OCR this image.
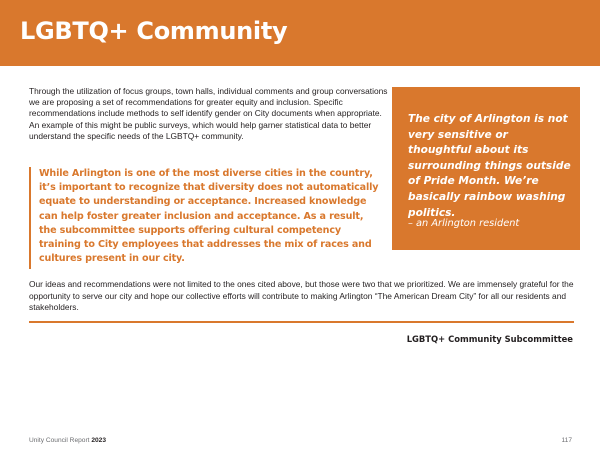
LGBTQ+ Community

Through the utilization of focus groups, town halls, individual comments and group conversations we are proposing a set of recommendations for greater equity and inclusion. Specific recommendations include methods to self identify gender on City documents when appropriate. An example of this might be public surveys, which would help garner statistical data to better understand the specific needs of the LGBTQ+ community.

While Arlington is one of the most diverse cities in the country, it’s important to recognize that diversity does not automatically equate to understanding or acceptance. Increased knowledge can help foster greater inclusion and acceptance. As a result, the subcommittee supports offering cultural competency training to City employees that addresses the mix of races and cultures present in our city.

The city of Arlington is not very sensitive or thoughtful about its surrounding things outside of Pride Month. We’re basically rainbow washing politics.

– an Arlington resident

Our ideas and recommendations were not limited to the ones cited above, but those were two that we prioritized. We are immensely grateful for the opportunity to serve our city and hope our collective efforts will contribute to making Arlington “The American Dream City” for all our residents and stakeholders.

LGBTQ+ Community Subcommittee

Unity Council Report 2023	117
